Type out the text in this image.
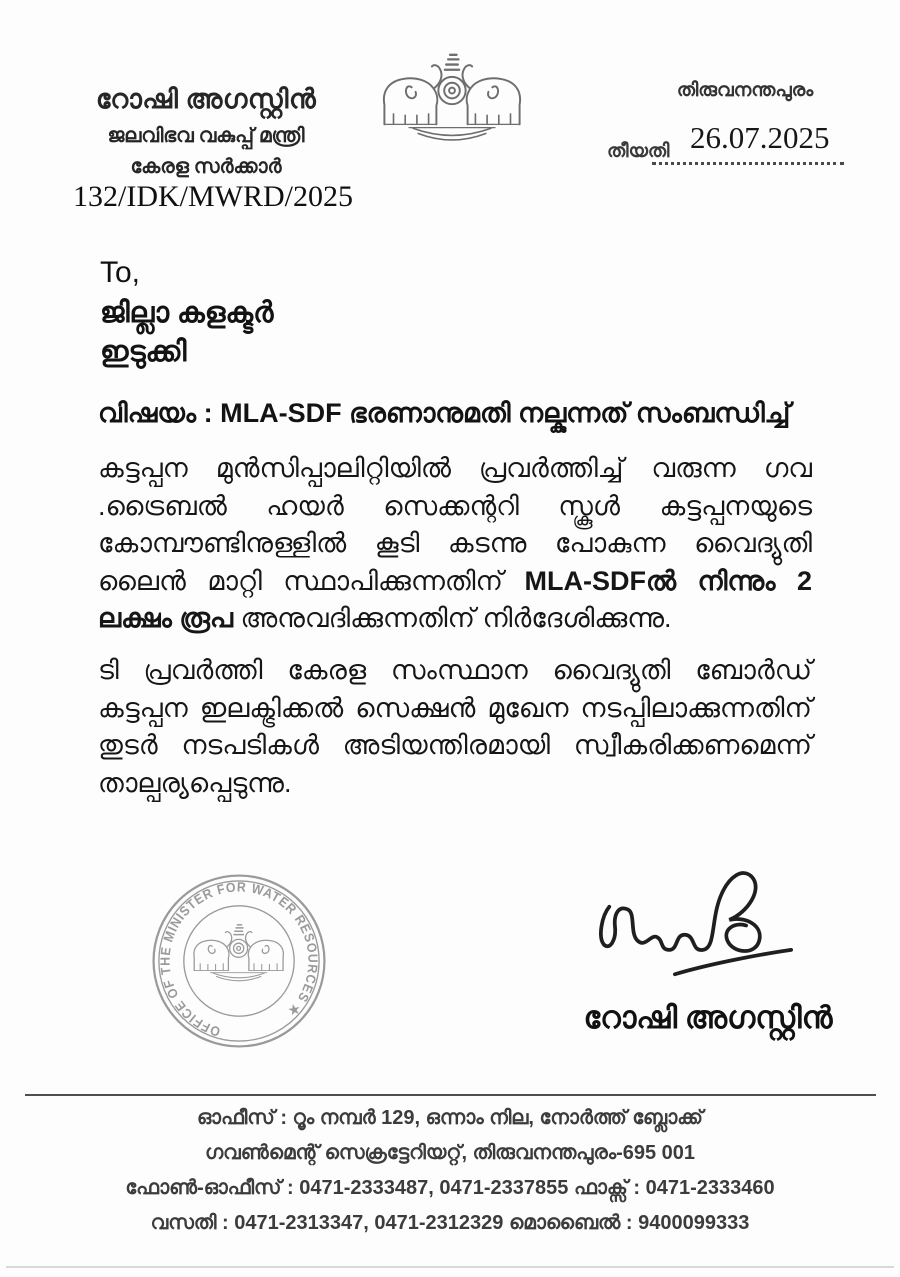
റോഷി അഗസ്റ്റിൻ
ജലവിഭവ വകുപ്പ് മന്ത്രി
കേരള സർക്കാർ
132/IDK/MWRD/2025
തിരുവനന്തപുരം
തീയതി 26.07.2025
To,
ജില്ലാ കളക്ടർ
ഇടുക്കി
വിഷയം : MLA-SDF ഭരണാനുമതി നല്കുന്നത് സംബന്ധിച്ച്
കട്ടപ്പന മുൻസിപ്പാലിറ്റിയിൽ പ്രവർത്തിച്ച് വരുന്ന ഗവ .ട്രൈബൽ ഹയർ സെക്കന്ററി സ്കൂൾ കട്ടപ്പനയുടെ കോമ്പൗണ്ടിനുള്ളിൽ കൂടി കടന്നു പോകുന്ന വൈദ്യുതി ലൈൻ മാറ്റി സ്ഥാപിക്കുന്നതിന് MLA-SDFൽ നിന്നും 2 ലക്ഷം രൂപ അനുവദിക്കുന്നതിന് നിർദേശിക്കുന്നു.
ടി പ്രവർത്തി കേരള സംസ്ഥാന വൈദ്യുതി ബോർഡ് കട്ടപ്പന ഇലക്ട്രിക്കൽ സെക്ഷൻ മുഖേന നടപ്പിലാക്കുന്നതിന് തുടർ നടപടികൾ അടിയന്തിരമായി സ്വീകരിക്കണമെന്ന് താല്പര്യപ്പെടുന്നു.
OFFICE OF THE MINISTER FOR WATER RESOURCES ★	റോഷി അഗസ്റ്റിൻ
ഓഫീസ് : റൂം നമ്പർ 129, ഒന്നാം നില, നോർത്ത് ബ്ലോക്ക്
ഗവൺമെന്റ് സെക്രട്ടേറിയറ്റ്, തിരുവനന്തപുരം-695 001
ഫോൺ-ഓഫീസ് : 0471-2333487, 0471-2337855 ഫാക്സ് : 0471-2333460
വസതി : 0471-2313347, 0471-2312329 മൊബൈൽ : 9400099333
